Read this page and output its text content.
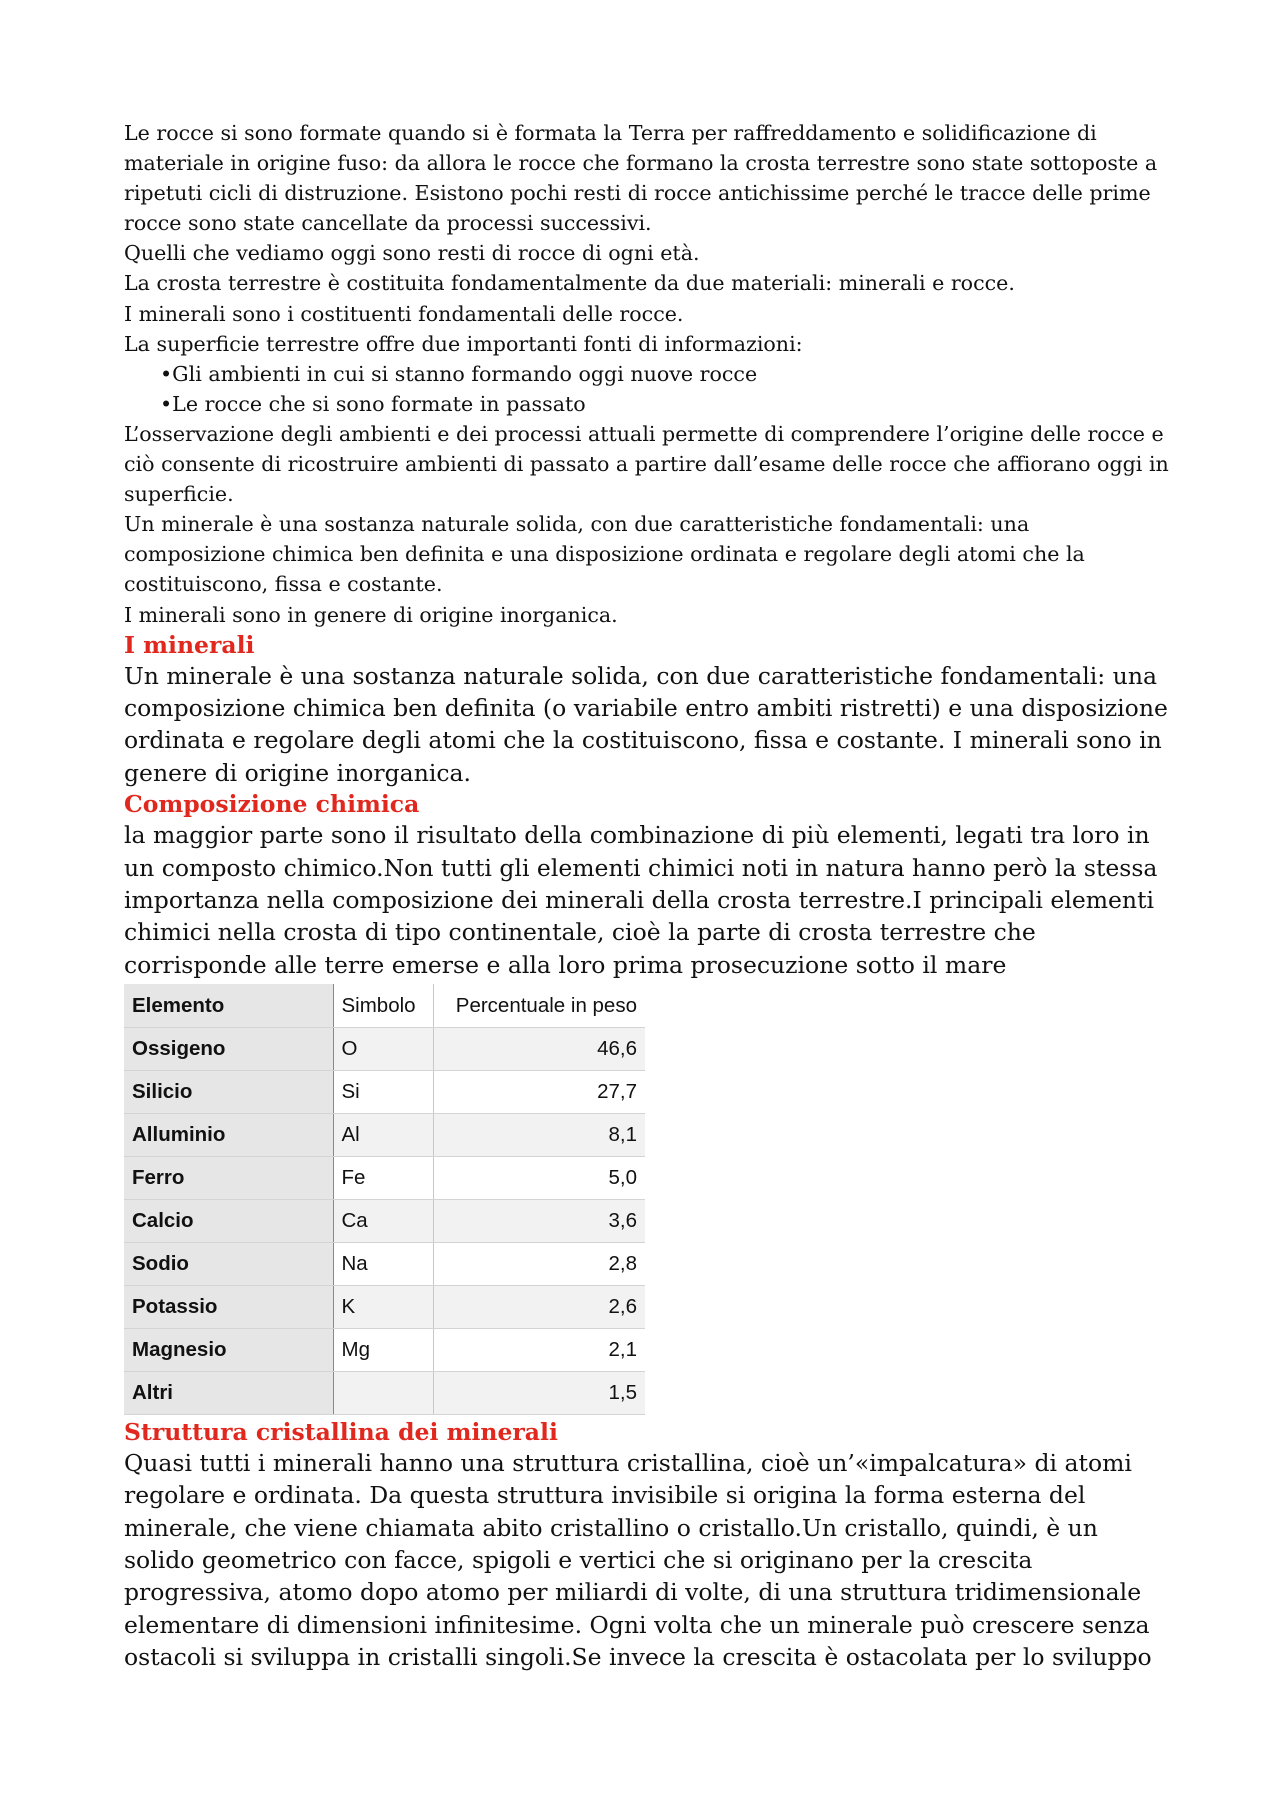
Le rocce si sono formate quando si è formata la Terra per raffreddamento e solidificazione di materiale in origine fuso: da allora le rocce che formano la crosta terrestre sono state sottoposte a ripetuti cicli di distruzione. Esistono pochi resti di rocce antichissime perché le tracce delle prime rocce sono state cancellate da processi successivi.

Quelli che vediamo oggi sono resti di rocce di ogni età.

La crosta terrestre è costituita fondamentalmente da due materiali: minerali e rocce.

I minerali sono i costituenti fondamentali delle rocce.

La superficie terrestre offre due importanti fonti di informazioni:

• Gli ambienti in cui si stanno formando oggi nuove rocce
• Le rocce che si sono formate in passato

L’osservazione degli ambienti e dei processi attuali permette di comprendere l’origine delle rocce e ciò consente di ricostruire ambienti di passato a partire dall’esame delle rocce che affiorano oggi in superficie.

Un minerale è una sostanza naturale solida, con due caratteristiche fondamentali: una composizione chimica ben definita e una disposizione ordinata e regolare degli atomi che la costituiscono, fissa e costante.

I minerali sono in genere di origine inorganica.

I minerali

Un minerale è una sostanza naturale solida, con due caratteristiche fondamentali: una composizione chimica ben definita (o variabile entro ambiti ristretti) e una disposizione ordinata e regolare degli atomi che la costituiscono, fissa e costante. I minerali sono in genere di origine inorganica.

Composizione chimica

la maggior parte sono il risultato della combinazione di più elementi, legati tra loro in un composto chimico.Non tutti gli elementi chimici noti in natura hanno però la stessa importanza nella composizione dei minerali della crosta terrestre.I principali elementi chimici nella crosta di tipo continentale, cioè la parte di crosta terrestre che corrisponde alle terre emerse e alla loro prima prosecuzione sotto il mare

Elemento	Simbolo	Percentuale in peso
Ossigeno	O	46,6
Silicio	Si	27,7
Alluminio	Al	8,1
Ferro	Fe	5,0
Calcio	Ca	3,6
Sodio	Na	2,8
Potassio	K	2,6
Magnesio	Mg	2,1
Altri		1,5
Struttura cristallina dei minerali

Quasi tutti i minerali hanno una struttura cristallina, cioè un’«impalcatura» di atomi regolare e ordinata. Da questa struttura invisibile si origina la forma esterna del minerale, che viene chiamata abito cristallino o cristallo.Un cristallo, quindi, è un solido geometrico con facce, spigoli e vertici che si originano per la crescita progressiva, atomo dopo atomo per miliardi di volte, di una struttura tridimensionale elementare di dimensioni infinitesime. Ogni volta che un minerale può crescere senza ostacoli si sviluppa in cristalli singoli.Se invece la crescita è ostacolata per lo sviluppo
